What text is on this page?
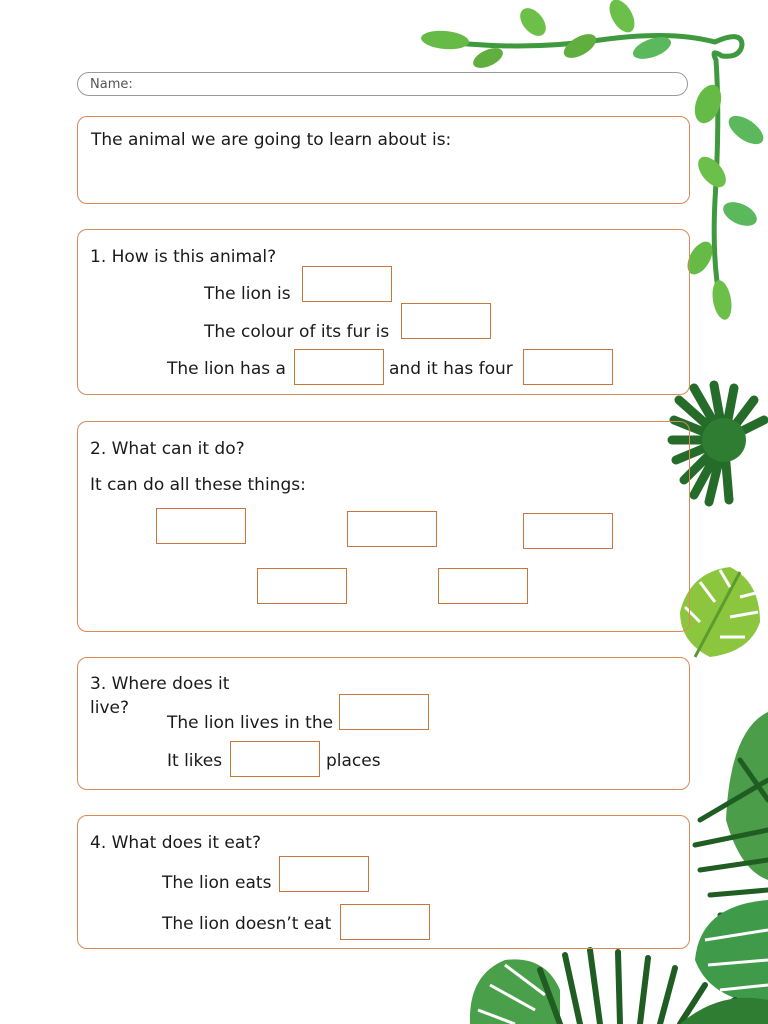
Name:
The animal we are going to learn about is:
1. How is this animal?
The lion is
The colour of its fur is
The lion has a	and it has four
2. What can it do?
It can do all these things:
3. Where does it
live?
The lion lives in the
It likes	places
4. What does it eat?
The lion eats
The lion doesn’t eat
